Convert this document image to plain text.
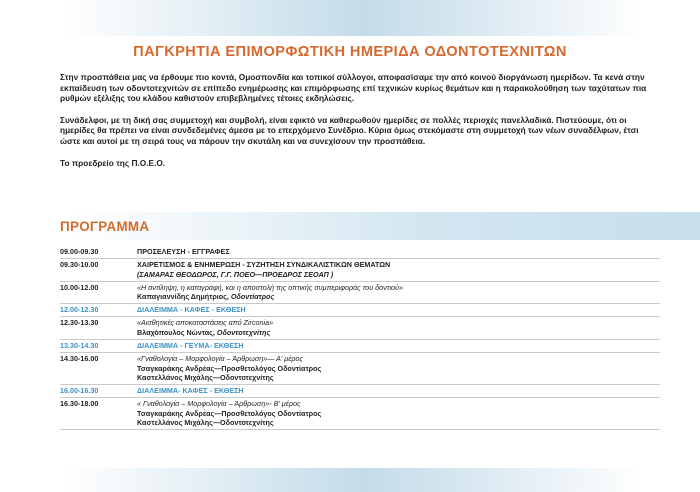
ΠΑΓΚΡΗΤΙΑ ΕΠΙΜΟΡΦΩΤΙΚΗ ΗΜΕΡΙΔΑ ΟΔΟΝΤΟΤΕΧΝΙΤΩΝ

Στην προσπάθεια μας να έρθουμε πιο κοντά, Ομοσπονδία και τοπικοί σύλλογοι, αποφασίσαμε την από κοινού διοργάνωση ημερίδων. Τα κενά στην εκπαίδευση των οδοντοτεχνιτών σε επίπεδο ενημέρωσης και επιμόρφωσης επί τεχνικών κυρίως θεμάτων και η παρακολούθηση των ταχύτατων πια ρυθμών εξέλιξης του κλάδου καθιστούν επιβεβλημένες τέτοιες εκδηλώσεις.

Συνάδελφοι, με τη δική σας συμμετοχή και συμβολή, είναι εφικτό να καθιερωθούν ημερίδες σε πολλές περιοχές πανελλαδικά. Πιστεύουμε, ότι οι ημερίδες θα πρέπει να είναι συνδεδεμένες άμεσα με το επερχόμενο Συνέδριο. Κύρια όμως στεκόμαστε στη συμμετοχή των νέων συναδέλφων, έτσι ώστε και αυτοί με τη σειρά τους να πάρουν την σκυτάλη και να συνεχίσουν την προσπάθεια.

Το προεδρείο της Π.Ο.Ε.Ο.

ΠΡΟΓΡΑΜΜΑ
09.00-09.30	ΠΡΟΣΕΛΕΥΣΗ - ΕΓΓΡΑΦΕΣ
09.30-10.00	ΧΑΙΡΕΤΙΣΜΟΣ & ΕΝΗΜΕΡΩΣΗ - ΣΥΖΗΤΗΣΗ ΣΥΝΔΙΚΑΛΙΣΤΙΚΩΝ ΘΕΜΑΤΩΝ
(ΣΑΜΑΡΑΣ ΘΕΟΔΩΡΟΣ, Γ.Γ. ΠΟΕΟ—ΠΡΟΕΔΡΟΣ ΣΕΟΑΠ )
10.00-12.00	«Η αντίληψη, η καταγραφή, και η αποστολή της οπτικής συμπεριφοράς του δοντιού»
Καπαγιαννίδης Δημήτριος, Οδοντίατρος
12.00-12.30	ΔΙΑΛΕΙΜΜΑ - ΚΑΦΕΣ - ΕΚΘΕΣΗ
12.30-13.30	«Αισθητικές αποκαταστάσεις από Zirconia»
Βλαχόπουλος Νώντας, Οδοντοτεχνίτης
13.30-14.30	ΔΙΑΛΕΙΜΜΑ - ΓΕΥΜΑ- ΕΚΘΕΣΗ
14.30-16.00	«Γναθολογία – Μορφολογία – Άρθρωση»— Α' μέρος
Τσαγκαράκης Ανδρέας—Προσθετολόγος Οδοντίατρος
Καστελλάνος Μιχάλης—Οδοντοτεχνίτης
16.00-16.30	ΔΙΑΛΕΙΜΜΑ- ΚΑΦΕΣ - ΕΚΘΕΣΗ
16.30-18.00	« Γναθολογία – Μορφολογία – Άρθρωση»- Β' μέρος
Τσαγκαράκης Ανδρέας—Προσθετολόγος Οδοντίατρος
Καστελλάνος Μιχάλης—Οδοντοτεχνίτης
